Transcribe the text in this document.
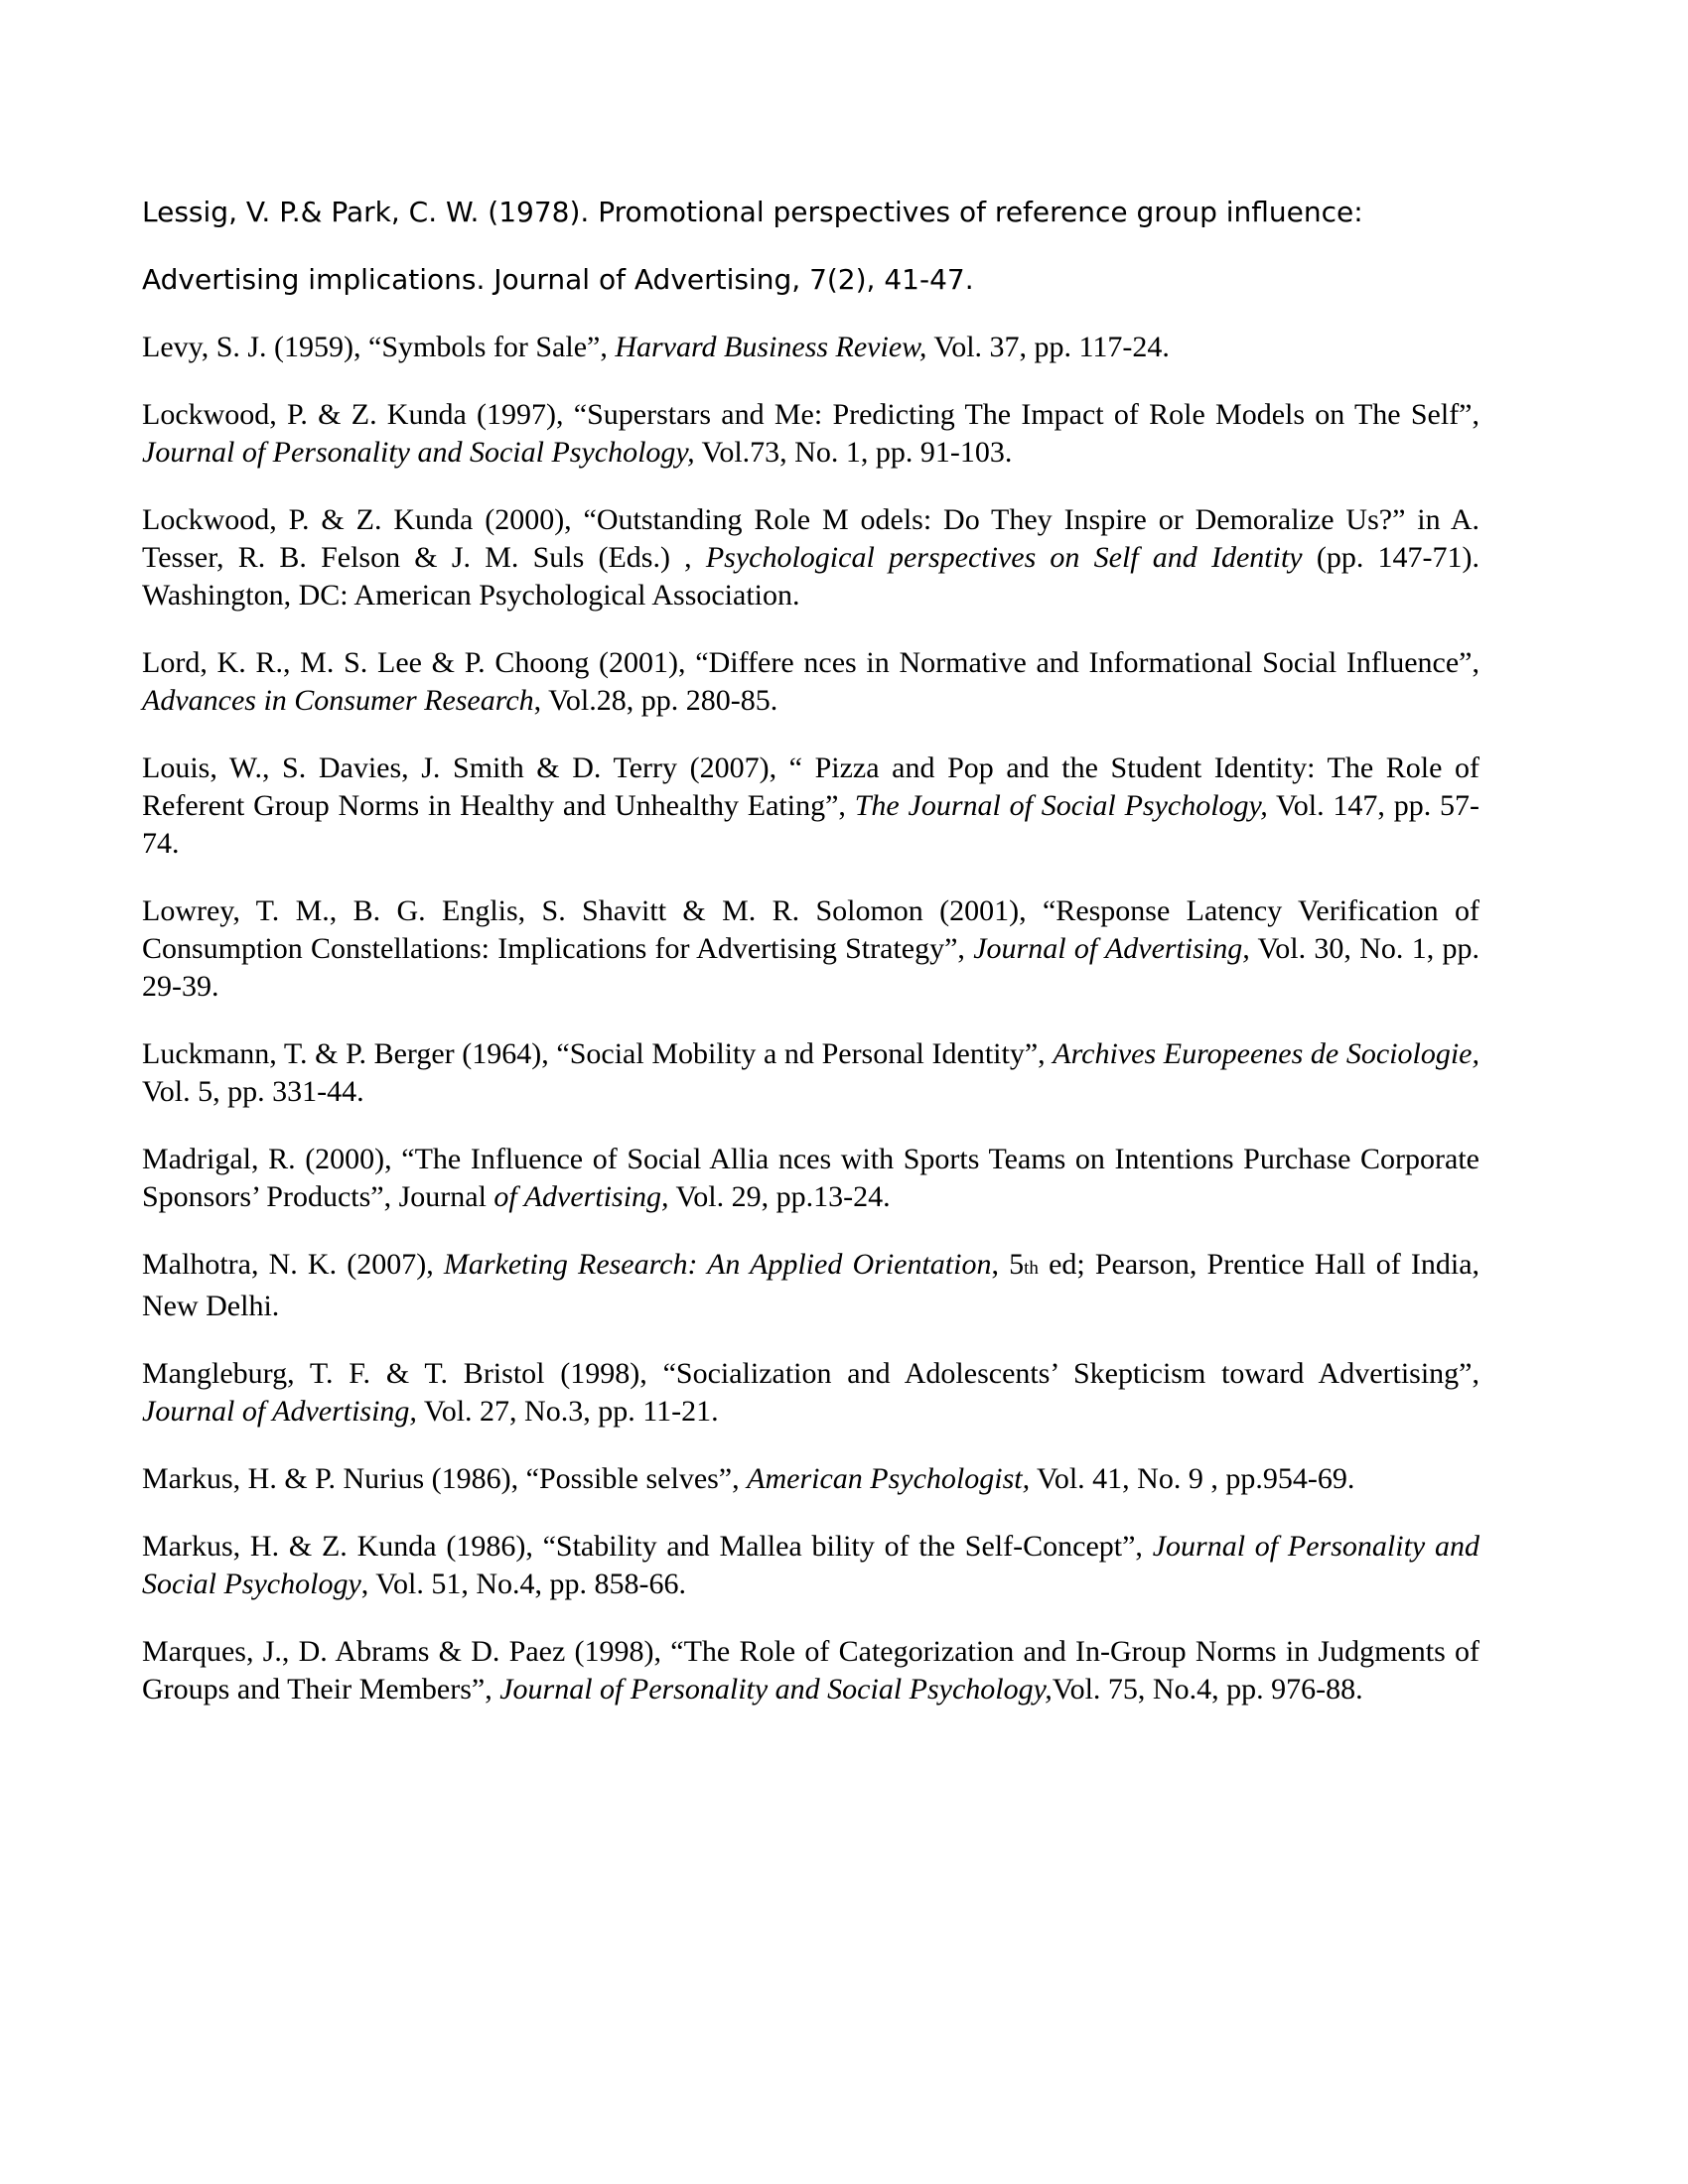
Lessig, V. P.& Park, C. W. (1978). Promotional perspectives of reference group influence:

Advertising implications. Journal of Advertising, 7(2), 41-47.

Levy, S. J. (1959), “Symbols for Sale”, Harvard Business Review, Vol. 37, pp. 117-24.

Lockwood, P. & Z. Kunda (1997), “Superstars and Me: Predicting The Impact of Role Models on The Self”, Journal of Personality and Social Psychology, Vol.73, No. 1, pp. 91-103.

Lockwood, P. & Z. Kunda (2000), “Outstanding Role M odels: Do They Inspire or Demoralize Us?” in A. Tesser, R. B. Felson & J. M. Suls (Eds.) , Psychological perspectives on Self and Identity (pp. 147-71). Washington, DC: American Psychological Association.

Lord, K. R., M. S. Lee & P. Choong (2001), “Differe nces in Normative and Informational Social Influence”, Advances in Consumer Research, Vol.28, pp. 280-85.

Louis, W., S. Davies, J. Smith & D. Terry (2007), “ Pizza and Pop and the Student Identity: The Role of Referent Group Norms in Healthy and Unhealthy Eating”, The Journal of Social Psychology, Vol. 147, pp. 57-74.

Lowrey, T. M., B. G. Englis, S. Shavitt & M. R. Solomon (2001), “Response Latency Verification of Consumption Constellations: Implications for Advertising Strategy”, Journal of Advertising, Vol. 30, No. 1, pp. 29-39.

Luckmann, T. & P. Berger (1964), “Social Mobility a nd Personal Identity”, Archives Europeenes de Sociologie, Vol. 5, pp. 331-44.

Madrigal, R. (2000), “The Influence of Social Allia nces with Sports Teams on Intentions Purchase Corporate Sponsors’ Products”, Journal of Advertising, Vol. 29, pp.13-24.

Malhotra, N. K. (2007), Marketing Research: An Applied Orientation, 5th ed; Pearson, Prentice Hall of India, New Delhi.

Mangleburg, T. F. & T. Bristol (1998), “Socialization and Adolescents’ Skepticism toward Advertising”, Journal of Advertising, Vol. 27, No.3, pp. 11-21.

Markus, H. & P. Nurius (1986), “Possible selves”, American Psychologist, Vol. 41, No. 9 , pp.954-69.

Markus, H. & Z. Kunda (1986), “Stability and Mallea bility of the Self-Concept”, Journal of Personality and Social Psychology, Vol. 51, No.4, pp. 858-66.

Marques, J., D. Abrams & D. Paez (1998), “The Role of Categorization and In-Group Norms in Judgments of Groups and Their Members”, Journal of Personality and Social Psychology,Vol. 75, No.4, pp. 976-88.
